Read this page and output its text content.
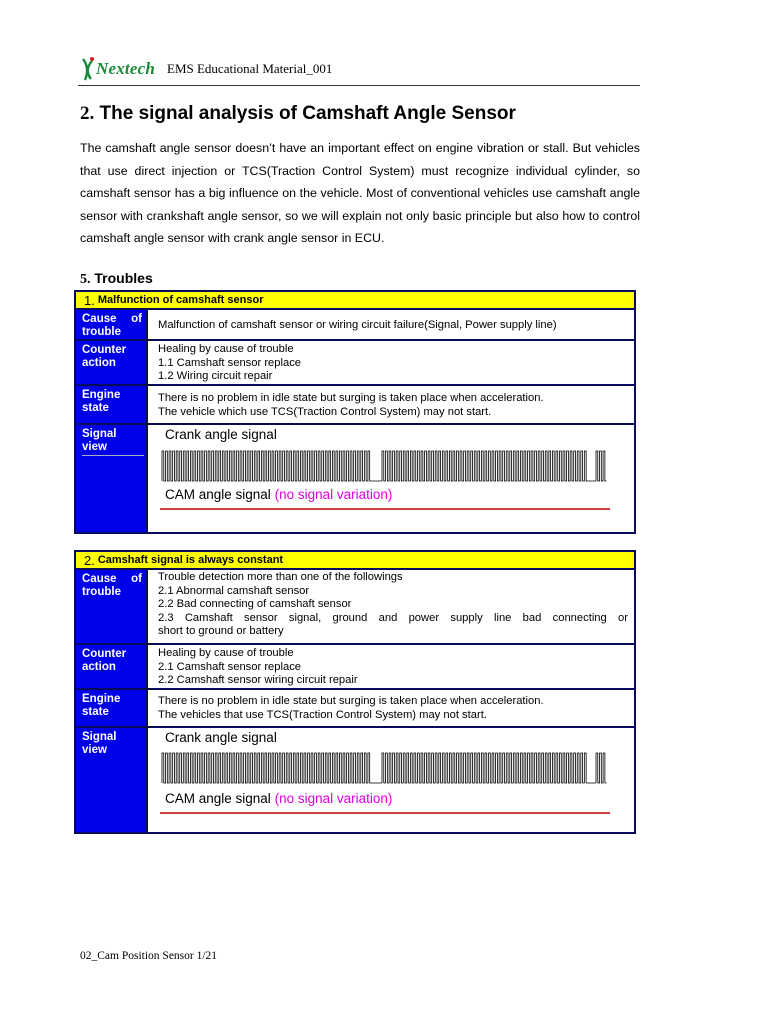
Nextech EMS Educational Material_001
2. The signal analysis of Camshaft Angle Sensor
The camshaft angle sensor doesn’t have an important effect on engine vibration or stall. But vehicles that use direct injection or TCS(Traction Control System) must recognize individual cylinder, so camshaft sensor has a big influence on the vehicle. Most of conventional vehicles use camshaft angle sensor with crankshaft angle sensor, so we will explain not only basic principle but also how to control camshaft angle sensor with crank angle sensor in ECU.
5. Troubles
1. Malfunction of camshaft sensor
Cause of trouble
Malfunction of camshaft sensor or wiring circuit failure(Signal, Power supply line)
Counter action

Healing by cause of trouble

1.1 Camshaft sensor replace

1.2 Wiring circuit repair

Engine state

There is no problem in idle state but surging is taken place when acceleration.

The vehicle which use TCS(Traction Control System) may not start.

Signal view
Crank angle signal
CAM angle signal (no signal variation)
2. Camshaft signal is always constant
Cause of trouble

Trouble detection more than one of the followings

2.1 Abnormal camshaft sensor

2.2 Bad connecting of camshaft sensor

2.3 Camshaft sensor signal, ground and power supply line bad connecting or

short to ground or battery

Counter action

Healing by cause of trouble

2.1 Camshaft sensor replace

2.2 Camshaft sensor wiring circuit repair

Engine state

There is no problem in idle state but surging is taken place when acceleration.

The vehicles that use TCS(Traction Control System) may not start.

Signal view
Crank angle signal
CAM angle signal (no signal variation)
02_Cam Position Sensor 1/21
